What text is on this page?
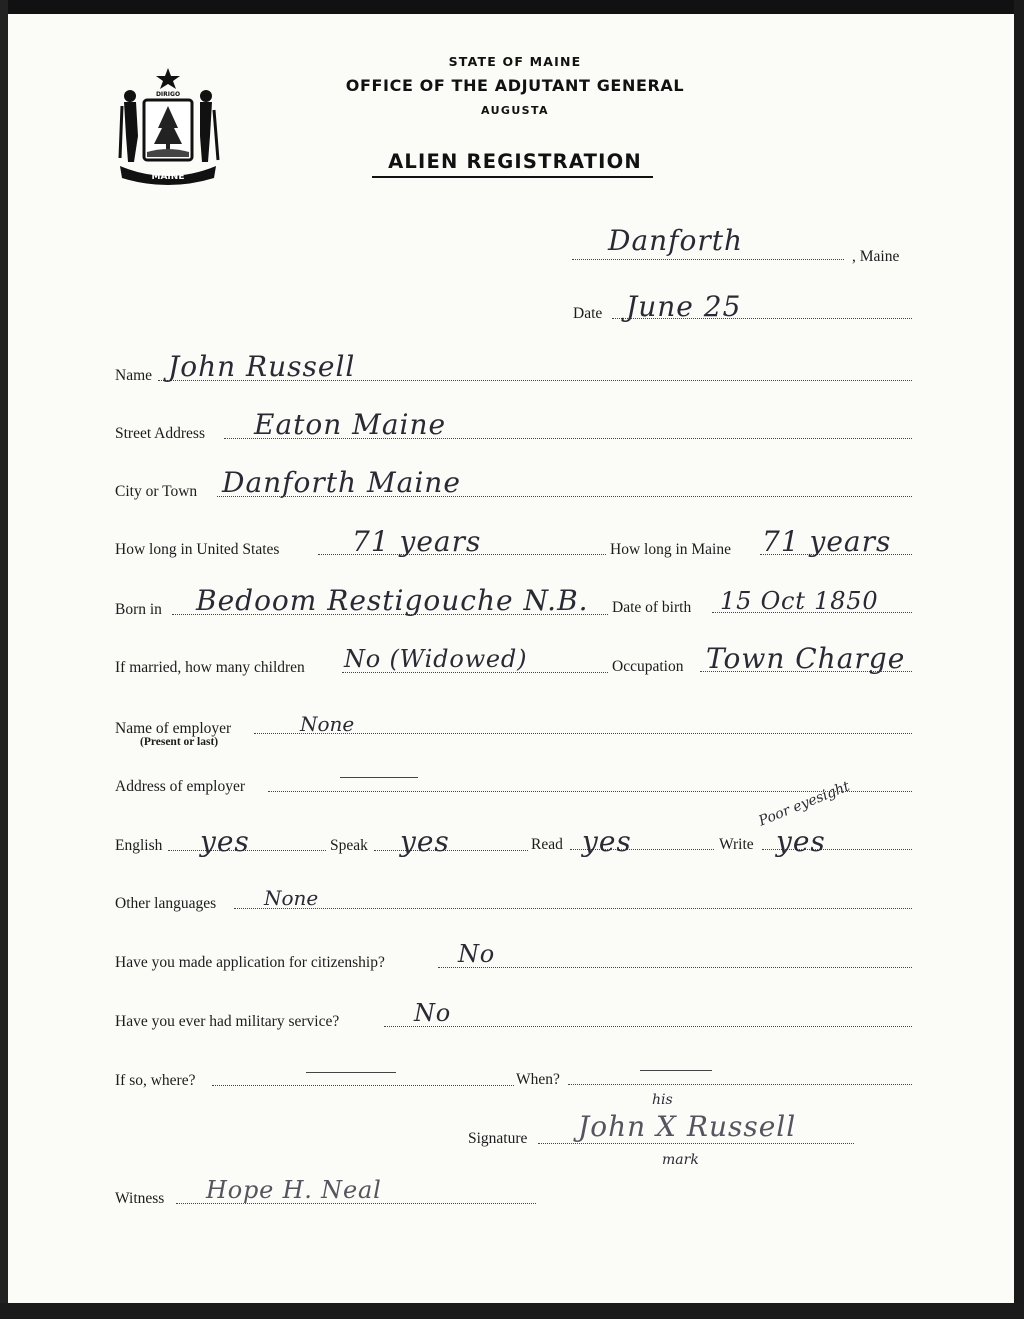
DIRIGO
MAINE
STATE OF MAINE
OFFICE OF THE ADJUTANT GENERAL
AUGUSTA
ALIEN REGISTRATION
Danforth	, Maine
Date June 25
Name John Russell
Street Address Eaton Maine
City or Town Danforth Maine
How long in United States	71 years	How long in Maine 71 years
Born in Bedoom Restigouche N.B. Date of birth 15 Oct 1850
If married, how many children No (Widowed)	Occupation Town Charge
Name of employer
(Present or last)
None
Address of employer
English yes	Speak yes	Read yes	Write yes
Poor eyesight
Other languages None
Have you made application for citizenship?	No
Have you ever had military service?	No
If so, where?	When?
Signature John X Russell
his
mark
Witness Hope H. Neal
